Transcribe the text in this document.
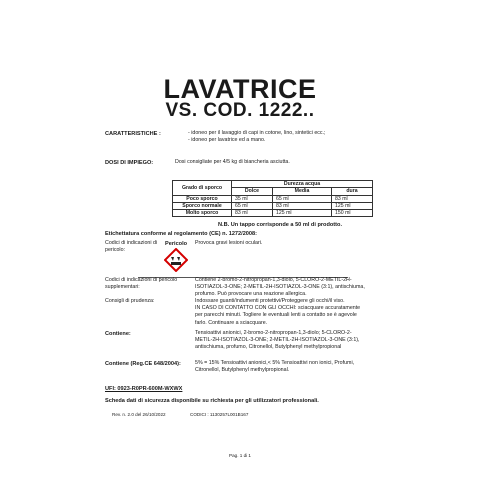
LAVATRICE
VS. COD. 1222..
CARATTERISTICHE :	- idoneo per il lavaggio di capi in cotone, lino, sintetici ecc.;
- idoneo per lavatrice ed a mano.
DOSI DI IMPIEGO:	Dosi consigliate per 4/5 kg di biancheria asciutta.
Grado di sporco	Durezza acqua		
	Dolce	Media	dura
Poco sporco	35 ml	65 ml	83 ml
Sporco normale	65 ml	83 ml	125 ml
Molto sporco	83 ml	125 ml	150 ml
N.B. Un tappo corrisponde a 50 ml di prodotto.
Etichettatura conforme al regolamento (CE) n. 1272/2008:
Codici di indicazioni di pericolo:
Pericolo Provoca gravi lesioni oculari.
Codici di indicazioni di pericolo supplementari:
Contiene 2-bromo-2-nitropropan-1,3-diolo, 5-CLORO-2-METIL-2H-
ISOTIAZOL-3-ONE; 2-METIL-2H-ISOTIAZOL-3-ONE (3:1), antischiuma,
profumo. Può provocare una reazione allergica.
Consigli di prudenza:	Indossare guanti/indumenti protettivi/Proteggere gli occhi/il viso.
IN CASO DI CONTATTO CON GLI OCCHI: sciacquare accuratamente
per parecchi minuti. Togliere le eventuali lenti a contatto se è agevole
farlo. Continuare a sciacquare.
Contiene:	Tensioattivi anionici, 2-bromo-2-nitropropan-1,3-diolo; 5-CLORO-2-
METIL-2H-ISOTIAZOL-3-ONE; 2-METIL-2H-ISOTIAZOL-3-ONE (3:1),
antischiuma, profumo, Citronellol, Butylphenyl methylpropional
Contiene (Reg.CE 648/2004):	5% = 15% Tensioattivi anionici,< 5% Tensioattivi non ionici, Profumi,
Citronellol, Butylphenyl methylpropional.
UFI: 0923-R0PR-600M-WXWX
Scheda dati di sicurezza disponibile su richiesta per gli utilizzatori professionali.
Rev. n. 2.0 del 26/10/2022	CODICI : 1130257L001B167
Pag. 1 di 1
